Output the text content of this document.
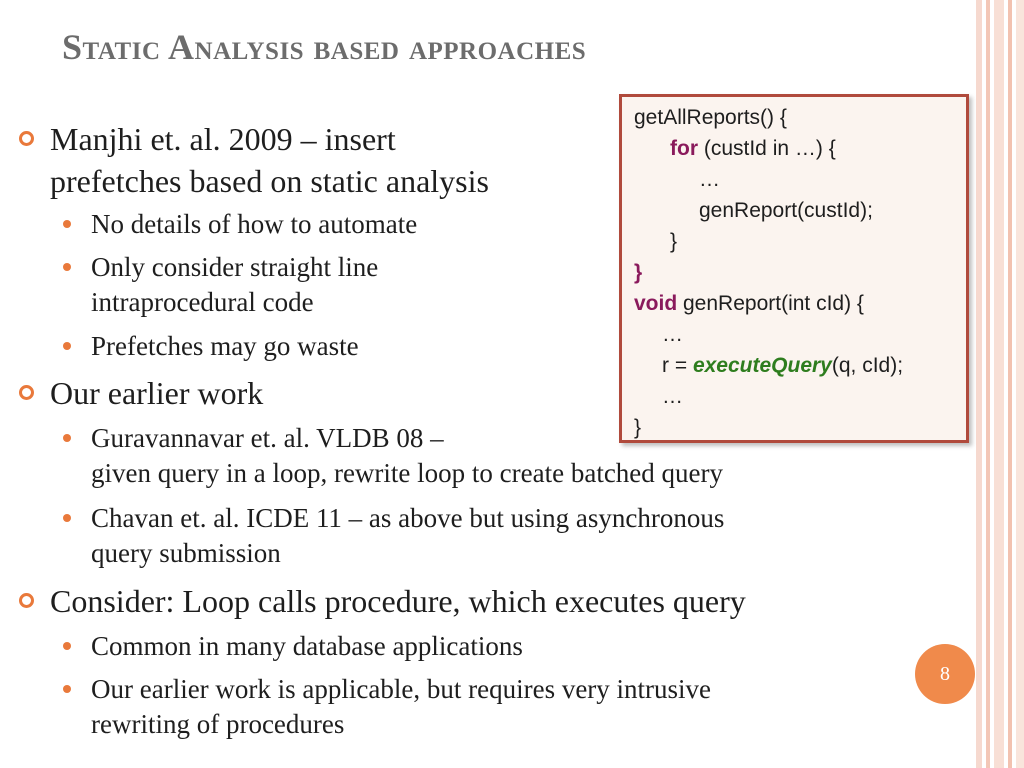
Static Analysis based approaches
Manjhi et. al. 2009 – insert
prefetches based on static analysis
No details of how to automate
Only consider straight line
intraprocedural code
Prefetches may go waste
Our earlier work
Guravannavar et. al. VLDB 08 –
given query in a loop, rewrite loop to create batched query
Chavan et. al. ICDE 11 – as above but using asynchronous
query submission
Consider: Loop calls procedure, which executes query
Common in many database applications
Our earlier work is applicable, but requires very intrusive
rewriting of procedures
getAllReports() {
for (custId in …) {
…
genReport(custId);
}
}
void genReport(int cId) {
…
r = executeQuery(q, cId);
…
}
8
